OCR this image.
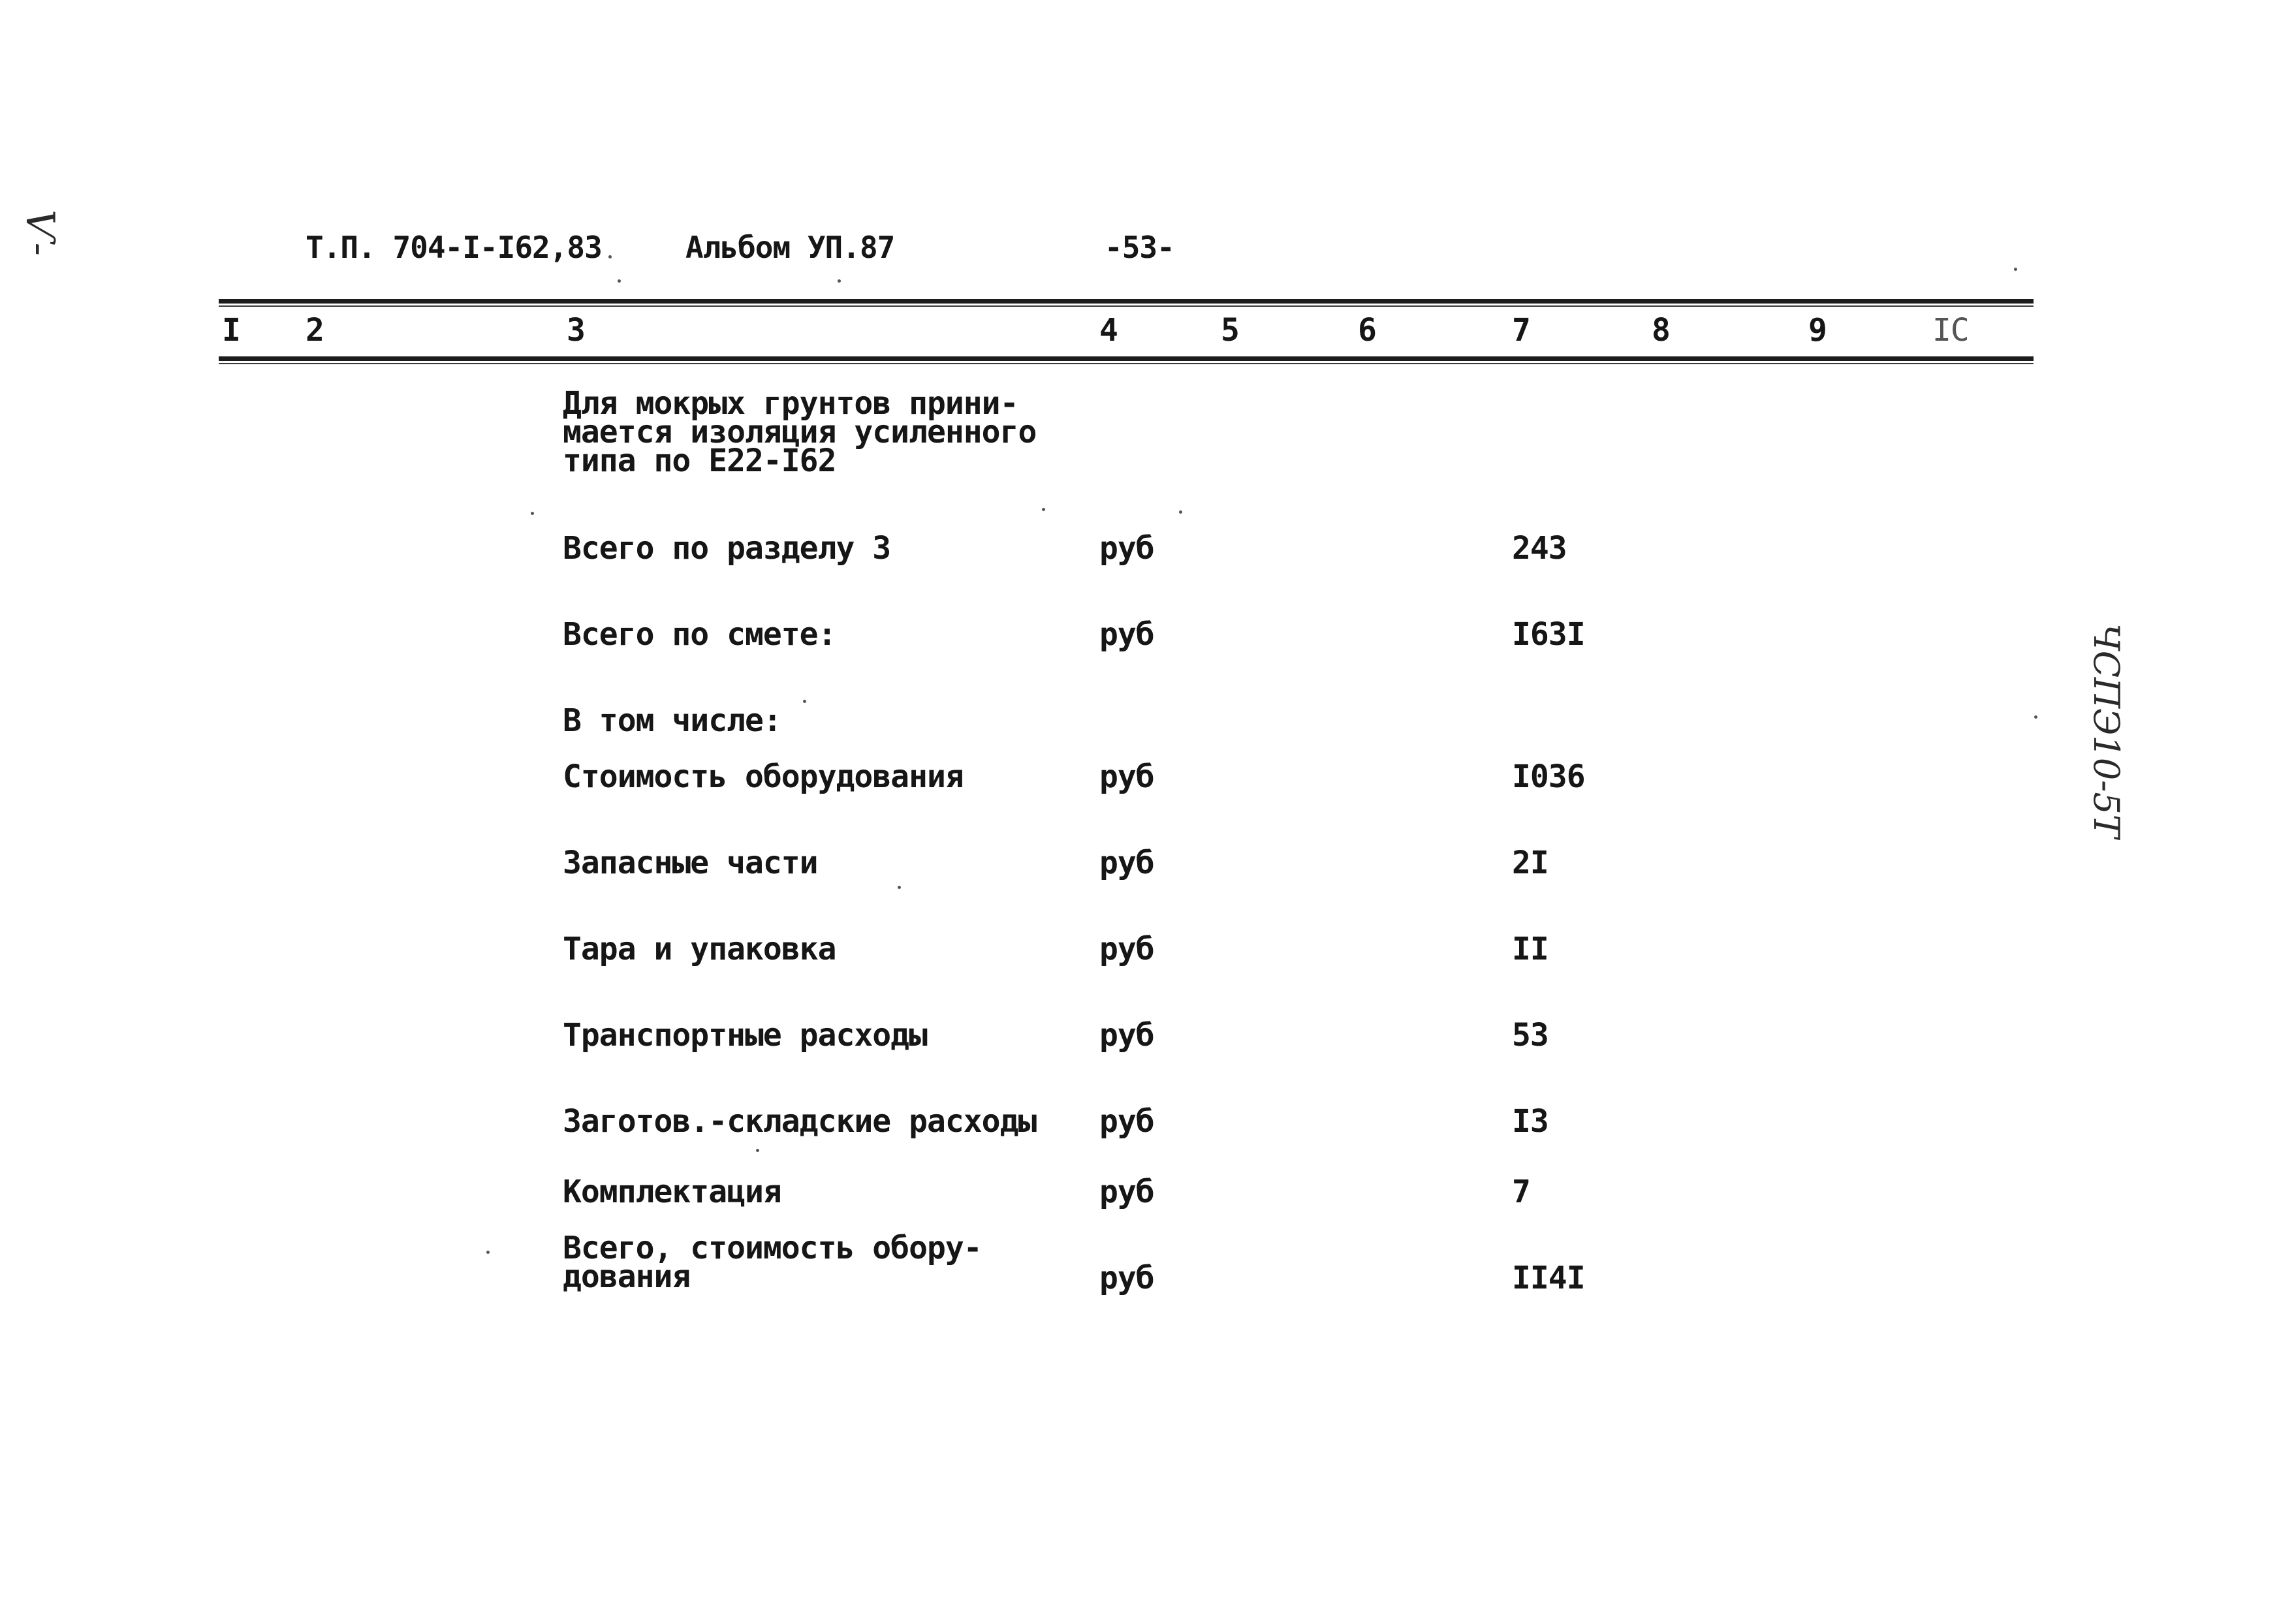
Т.П. 704-I-I62,83	Альбом УП.87	-53-
Ѵ-
ЧСПЭ10-5Т
I 2	3	4	5	6	7	8	9	IC
Для мокрых грунтов прини-
мается изоляция усиленного
типа по Е22-I62
Всего по разделу 3	руб	243
Всего по смете:	руб	I63I
В том числе:
Стоимость оборудования	руб	I036
Запасные части	руб	2I
Тара и упаковка	руб	II
Транспортные расходы	руб	53
Заготов.-складские расходы руб	I3
Комплектация	руб	7
Всего, стоимость обору-
дования	руб	II4I
